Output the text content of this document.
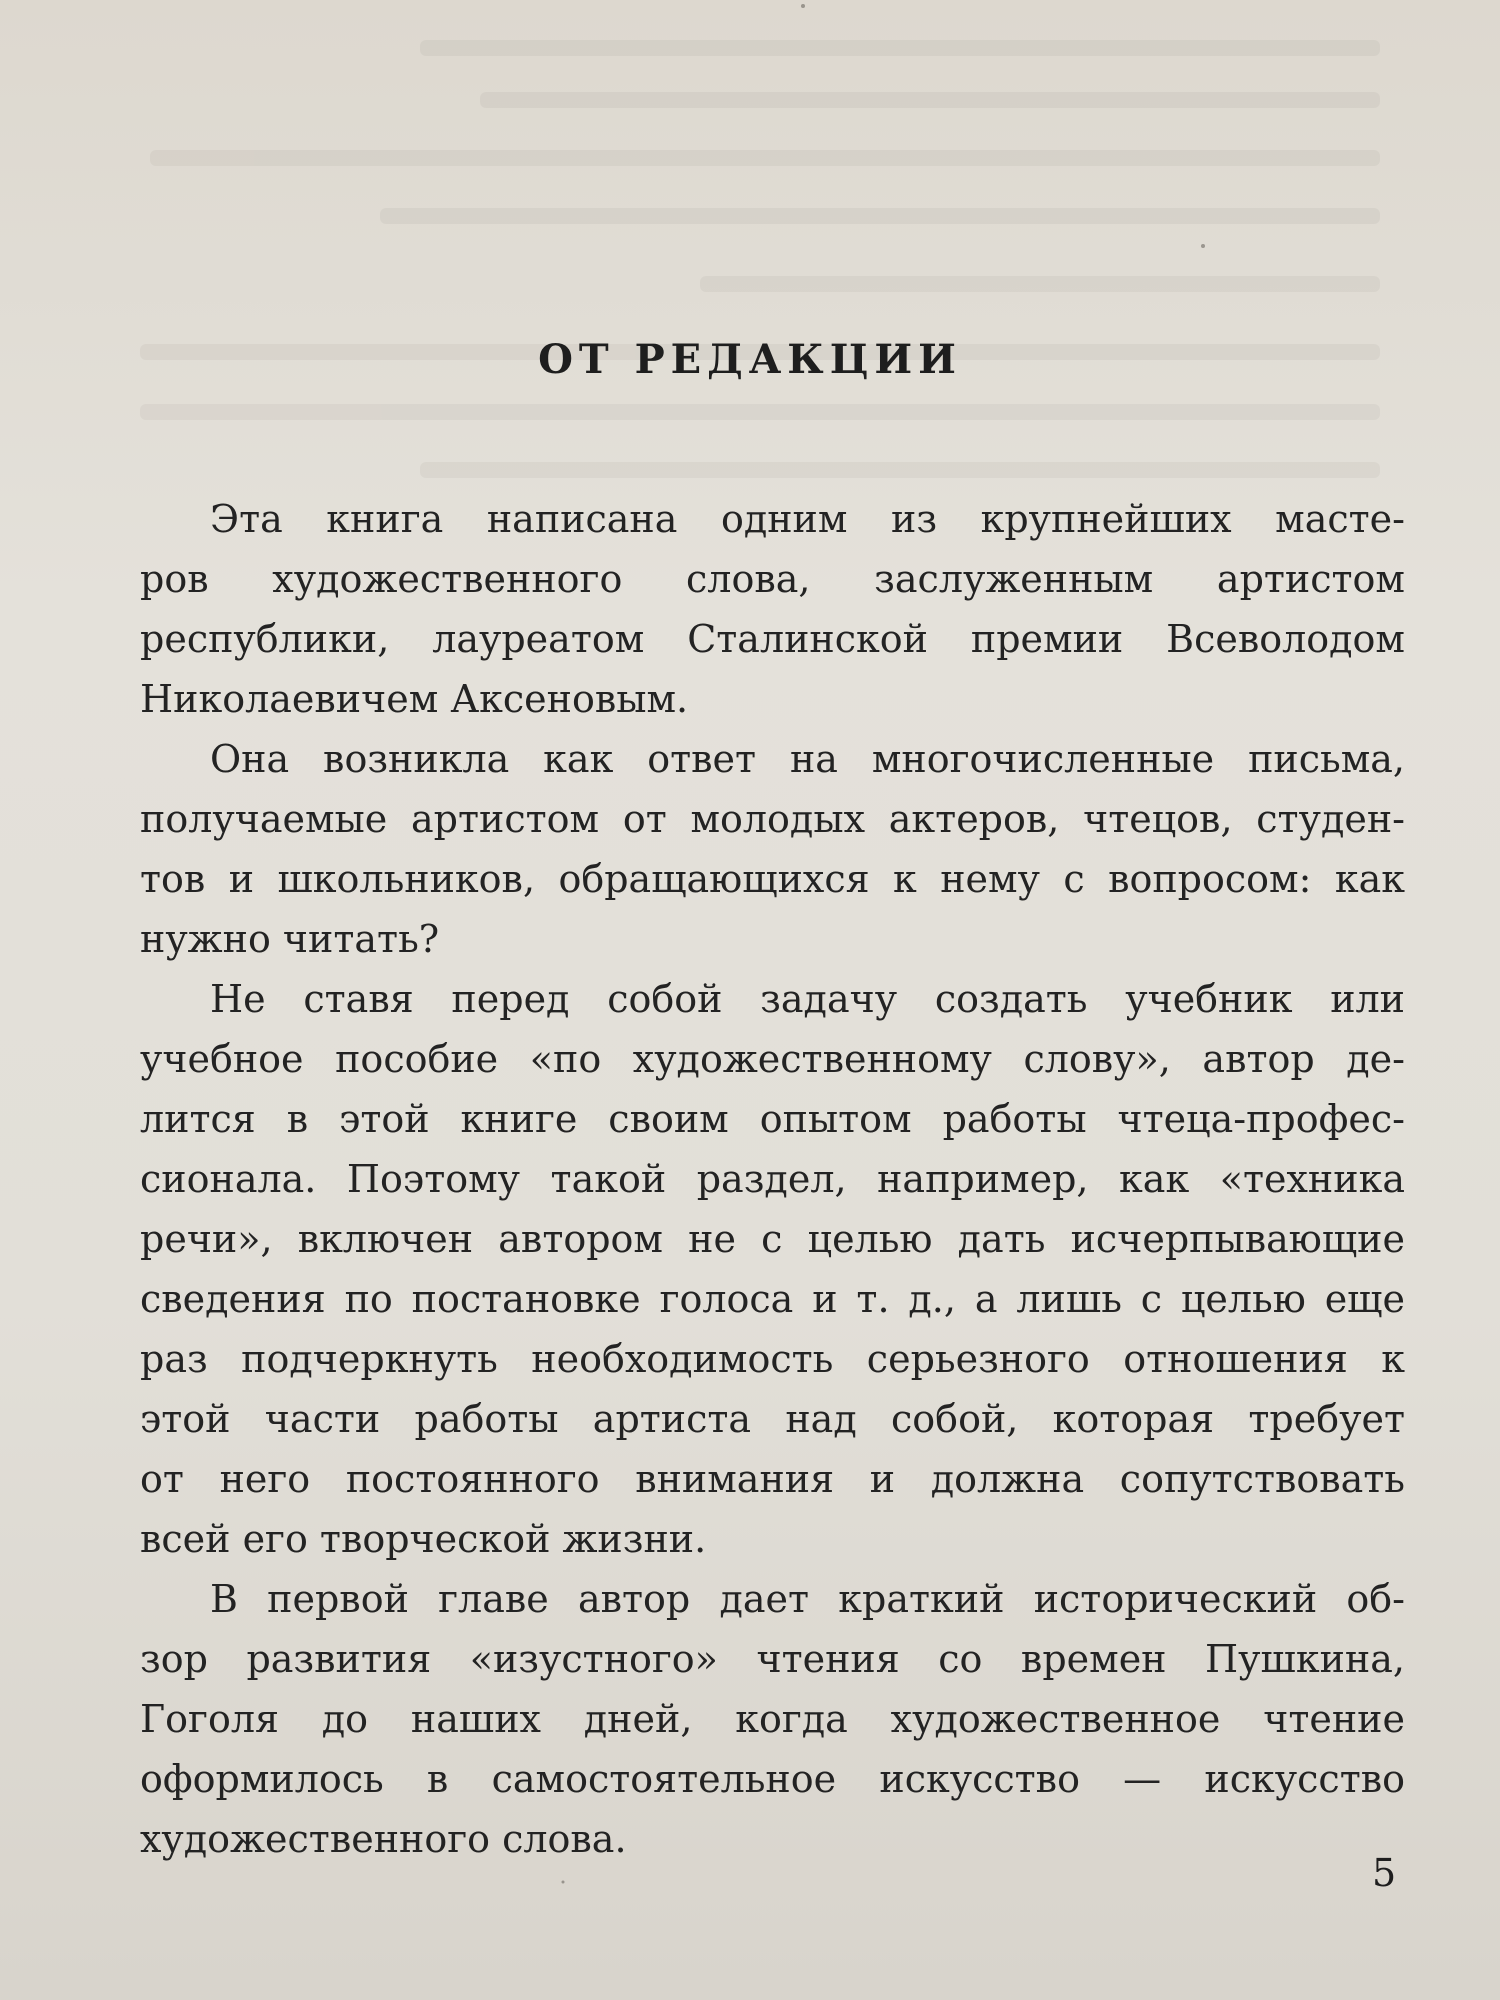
ОТ РЕДАКЦИИ

Эта книга написана одним из крупнейших масте-

ров художественного слова, заслуженным артистом

республики, лауреатом Сталинской премии Всеволодом

Николаевичем Аксеновым.

Она возникла как ответ на многочисленные письма,

получаемые артистом от молодых актеров, чтецов, студен-

тов и школьников, обращающихся к нему с вопросом: как

нужно читать?

Не ставя перед собой задачу создать учебник или

учебное пособие «по художественному слову», автор де-

лится в этой книге своим опытом работы чтеца-профес-

сионала. Поэтому такой раздел, например, как «техника

речи», включен автором не с целью дать исчерпывающие

сведения по постановке голоса и т. д., а лишь с целью еще

раз подчеркнуть необходимость серьезного отношения к

этой части работы артиста над собой, которая требует

от него постоянного внимания и должна сопутствовать

всей его творческой жизни.

В первой главе автор дает краткий исторический об-

зор развития «изустного» чтения со времен Пушкина,

Гоголя до наших дней, когда художественное чтение

оформилось в самостоятельное искусство — искусство

художественного слова.

5
